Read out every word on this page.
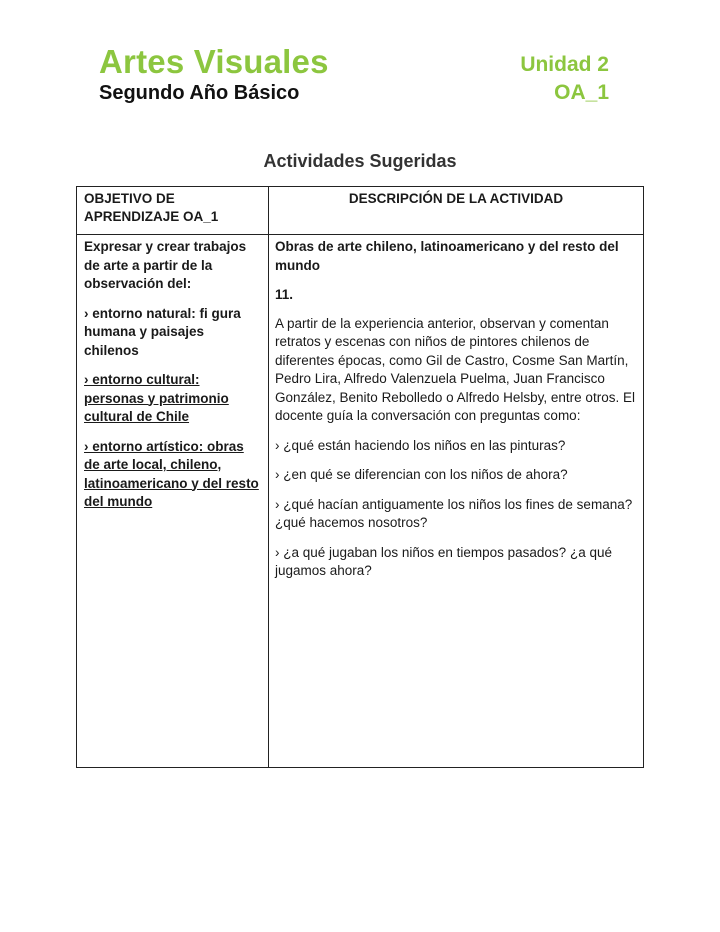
Artes Visuales
Segundo Año Básico
Unidad 2
OA_1
Actividades Sugeridas
OBJETIVO DE APRENDIZAJE OA_1
DESCRIPCIÓN DE LA ACTIVIDAD

Expresar y crear trabajos de arte a partir de la observación del:

› entorno natural: fi gura humana y paisajes chilenos

› entorno cultural: personas y patrimonio cultural de Chile

› entorno artístico: obras de arte local, chileno, latinoamericano y del resto del mundo

Obras de arte chileno, latinoamericano y del resto del mundo

11.

A partir de la experiencia anterior, observan y comentan retratos y escenas con niños de pintores chilenos de diferentes épocas, como Gil de Castro, Cosme San Martín, Pedro Lira, Alfredo Valenzuela Puelma, Juan Francisco González, Benito Rebolledo o Alfredo Helsby, entre otros. El docente guía la conversación con preguntas como:

› ¿qué están haciendo los niños en las pinturas?

› ¿en qué se diferencian con los niños de ahora?

› ¿qué hacían antiguamente los niños los fines de semana? ¿qué hacemos nosotros?

› ¿a qué jugaban los niños en tiempos pasados? ¿a qué jugamos ahora?
